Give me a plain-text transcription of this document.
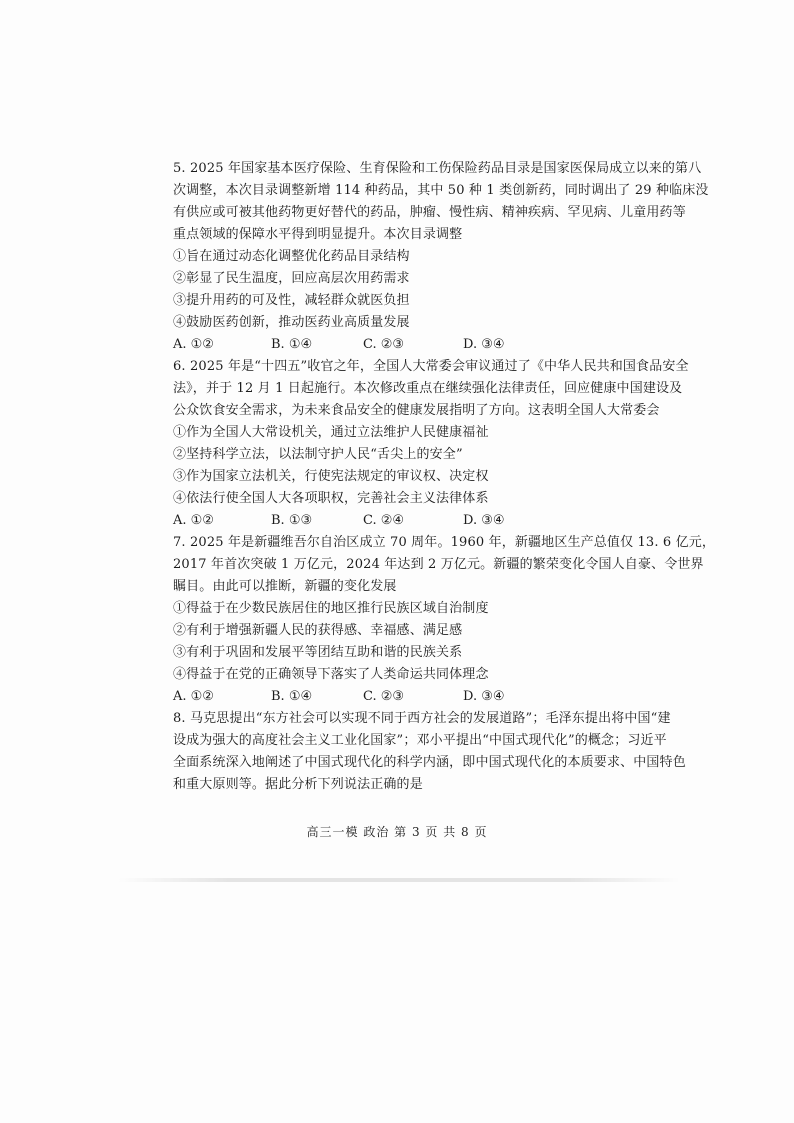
5. 2025 年国家基本医疗保险、生育保险和工伤保险药品目录是国家医保局成立以来的第八
次调整，本次目录调整新增 114 种药品，其中 50 种 1 类创新药，同时调出了 29 种临床没
有供应或可被其他药物更好替代的药品，肿瘤、慢性病、精神疾病、罕见病、儿童用药等
重点领域的保障水平得到明显提升。本次目录调整
①旨在通过动态化调整优化药品目录结构
②彰显了民生温度，回应高层次用药需求
③提升用药的可及性，减轻群众就医负担
④鼓励医药创新，推动医药业高质量发展
A. ①②	B. ①④	C. ②③	D. ③④
6. 2025 年是“十四五”收官之年，全国人大常委会审议通过了《中华人民共和国食品安全
法》，并于 12 月 1 日起施行。本次修改重点在继续强化法律责任，回应健康中国建设及
公众饮食安全需求，为未来食品安全的健康发展指明了方向。这表明全国人大常委会
①作为全国人大常设机关，通过立法维护人民健康福祉
②坚持科学立法，以法制守护人民“舌尖上的安全”
③作为国家立法机关，行使宪法规定的审议权、决定权
④依法行使全国人大各项职权，完善社会主义法律体系
A. ①②	B. ①③	C. ②④	D. ③④
7. 2025 年是新疆维吾尔自治区成立 70 周年。1960 年，新疆地区生产总值仅 13. 6 亿元，
2017 年首次突破 1 万亿元，2024 年达到 2 万亿元。新疆的繁荣变化令国人自豪、令世界
瞩目。由此可以推断，新疆的变化发展
①得益于在少数民族居住的地区推行民族区域自治制度
②有利于增强新疆人民的获得感、幸福感、满足感
③有利于巩固和发展平等团结互助和谐的民族关系
④得益于在党的正确领导下落实了人类命运共同体理念
A. ①②	B. ①④	C. ②③	D. ③④
8. 马克思提出“东方社会可以实现不同于西方社会的发展道路”；毛泽东提出将中国“建
设成为强大的高度社会主义工业化国家”；邓小平提出“中国式现代化”的概念；习近平
全面系统深入地阐述了中国式现代化的科学内涵，即中国式现代化的本质要求、中国特色
和重大原则等。据此分析下列说法正确的是
高三一模 政治 第 3 页 共 8 页
